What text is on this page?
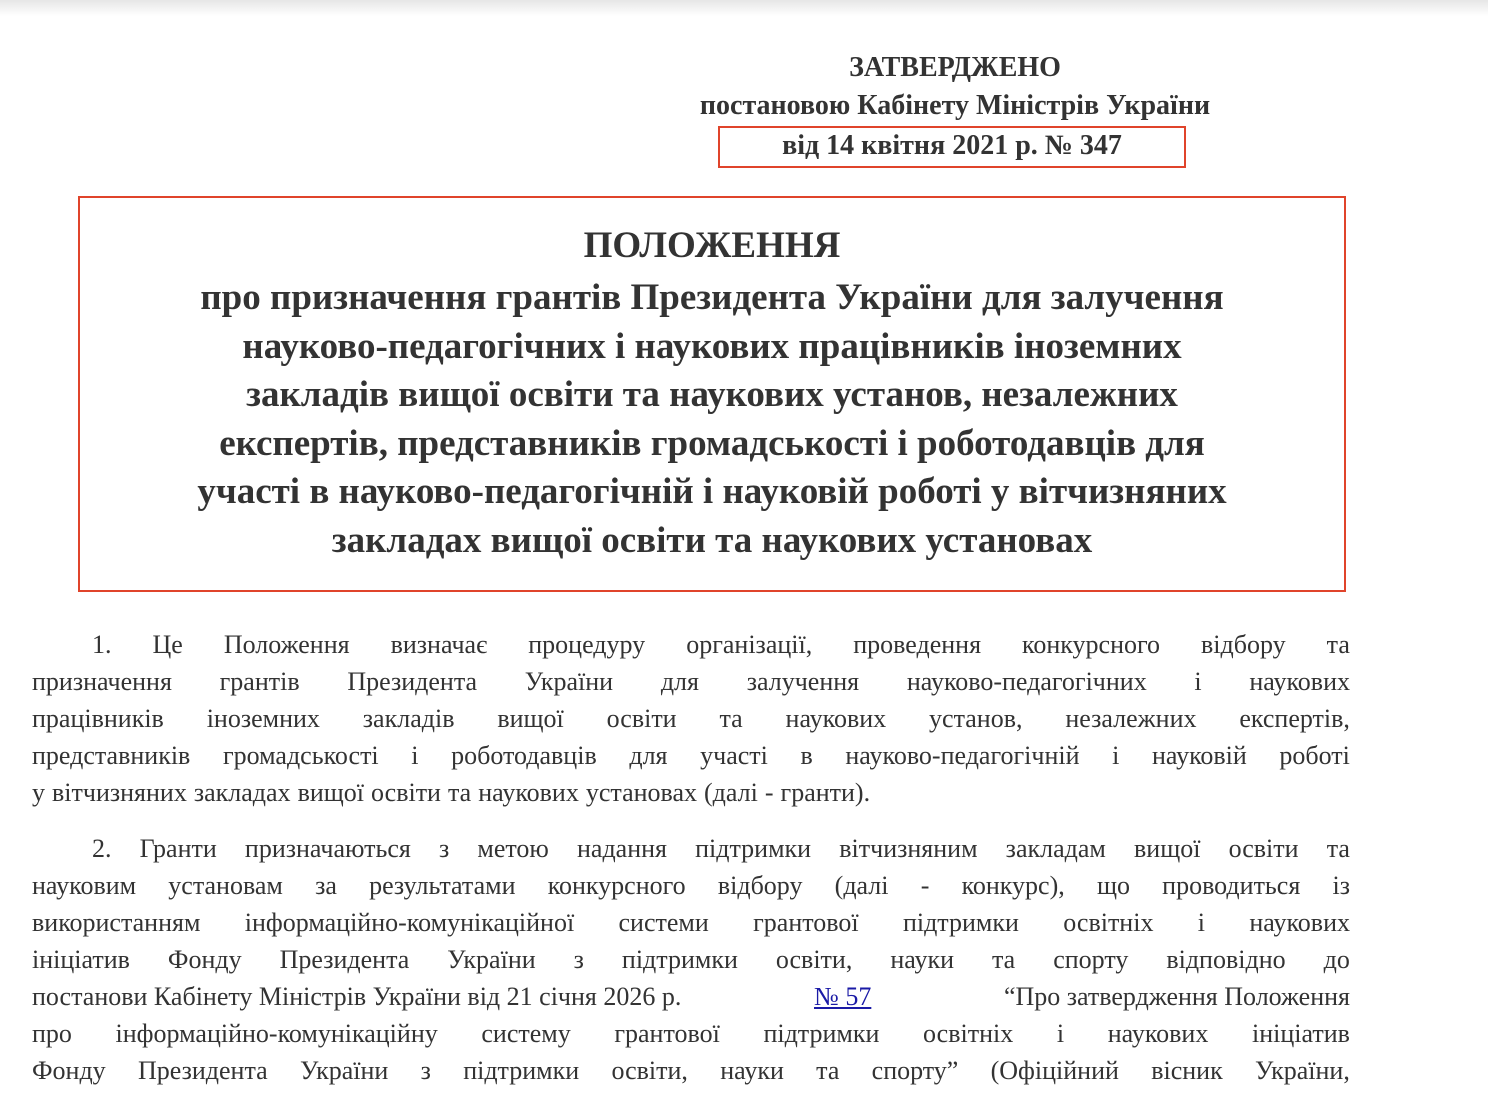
ЗАТВЕРДЖЕНО
постановою Кабінету Міністрів України
від 14 квітня 2021 р. № 347
ПОЛОЖЕННЯ
про призначення грантів Президента України для залучення
науково-педагогічних і наукових працівників іноземних
закладів вищої освіти та наукових установ, незалежних
експертів, представників громадськості і роботодавців для
участі в науково-педагогічній і науковій роботі у вітчизняних
закладах вищої освіти та наукових установах
1. Це Положення визначає процедуру організації, проведення конкурсного відбору та
призначення грантів Президента України для залучення науково-педагогічних і наукових
працівників іноземних закладів вищої освіти та наукових установ, незалежних експертів,
представників громадськості і роботодавців для участі в науково-педагогічній і науковій роботі
у вітчизняних закладах вищої освіти та наукових установах (далі - гранти).
2. Гранти призначаються з метою надання підтримки вітчизняним закладам вищої освіти та
науковим установам за результатами конкурсного відбору (далі - конкурс), що проводиться із
використанням інформаційно-комунікаційної системи грантової підтримки освітніх і наукових
ініціатив Фонду Президента України з підтримки освіти, науки та спорту відповідно до
постанови Кабінету Міністрів України від 21 січня 2026 р.	№ 57	“Про затвердження Положення
про інформаційно-комунікаційну систему грантової підтримки освітніх і наукових ініціатив
Фонду Президента України з підтримки освіти, науки та спорту” (Офіційний вісник України,
